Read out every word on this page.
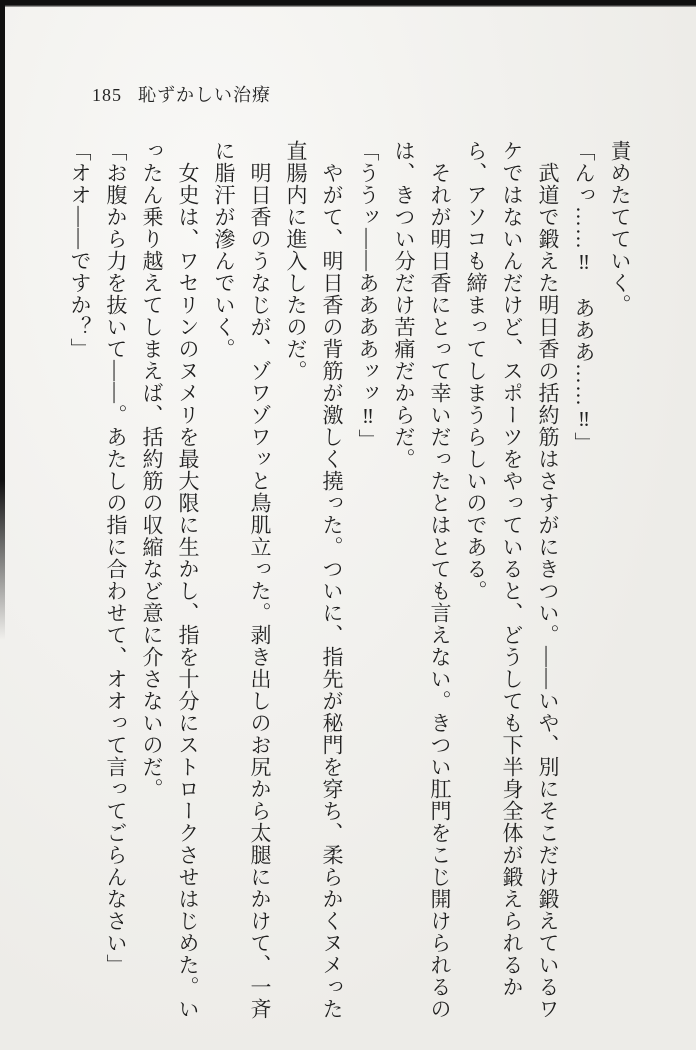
185 恥ずかしい治療

責めたてていく。

「んっ……‼　あああ……‼」

　武道で鍛えた明日香の括約筋はさすがにきつい。――いや、別にそこだけ鍛えているワケではないんだけど、スポーツをやっていると、どうしても下半身全体が鍛えられるから、アソコも締まってしまうらしいのである。

　それが明日香にとって幸いだったとはとても言えない。きつい肛門をこじ開けられるのは、きつい分だけ苦痛だからだ。

「ううッ――ああああッッ‼」

　やがて、明日香の背筋が激しく撓った。ついに、指先が秘門を穿ち、柔らかくヌメった直腸内に進入したのだ。

　明日香のうなじが、ゾワゾワッと鳥肌立った。剥き出しのお尻から太腿にかけて、一斉に脂汗が滲んでいく。

　女史は、ワセリンのヌメリを最大限に生かし、指を十分にストロークさせはじめた。いったん乗り越えてしまえば、括約筋の収縮など意に介さないのだ。

「お腹から力を抜いて――。あたしの指に合わせて、オオって言ってごらんなさい」

「オオ――ですか？」
